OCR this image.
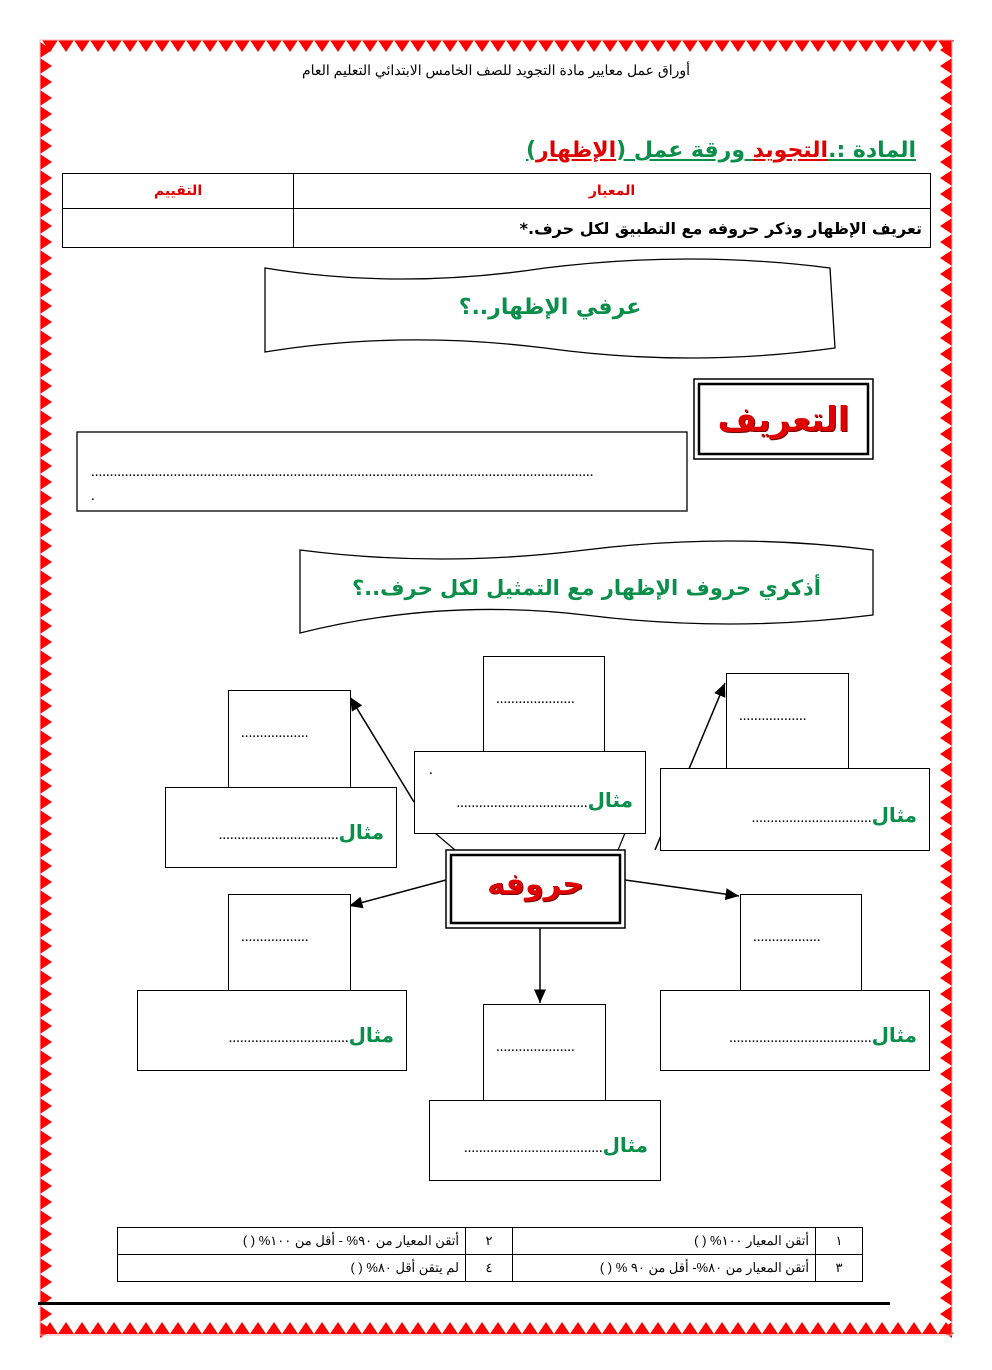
أوراق عمل معايير مادة التجويد للصف الخامس الابتدائي التعليم العام
المادة :.التجويد ورقة عمل (الإظهار)
المعيار	التقييم
تعريف الإظهار وذكر حروفه مع التطبيق لكل حرف.*	
عرفي الإظهار..؟
التعريف
......................................................................................................................................
.
أذكري حروف الإظهار مع التمثيل لكل حرف..؟
حروفه
.....................
..................
..................
..................	..................
.....................
.
مثال...................................
مثال................................
مثال................................
مثال................................	مثال......................................
مثال.....................................
١	أتقن المعيار ١٠٠% ( )	٢	أتقن المعيار من ٩٠% - أقل من ١٠٠% ( )
٣	أتقن المعيار من ٨٠%- أقل من ٩٠ % ( )	٤	لم يتقن أقل ٨٠% ( )
